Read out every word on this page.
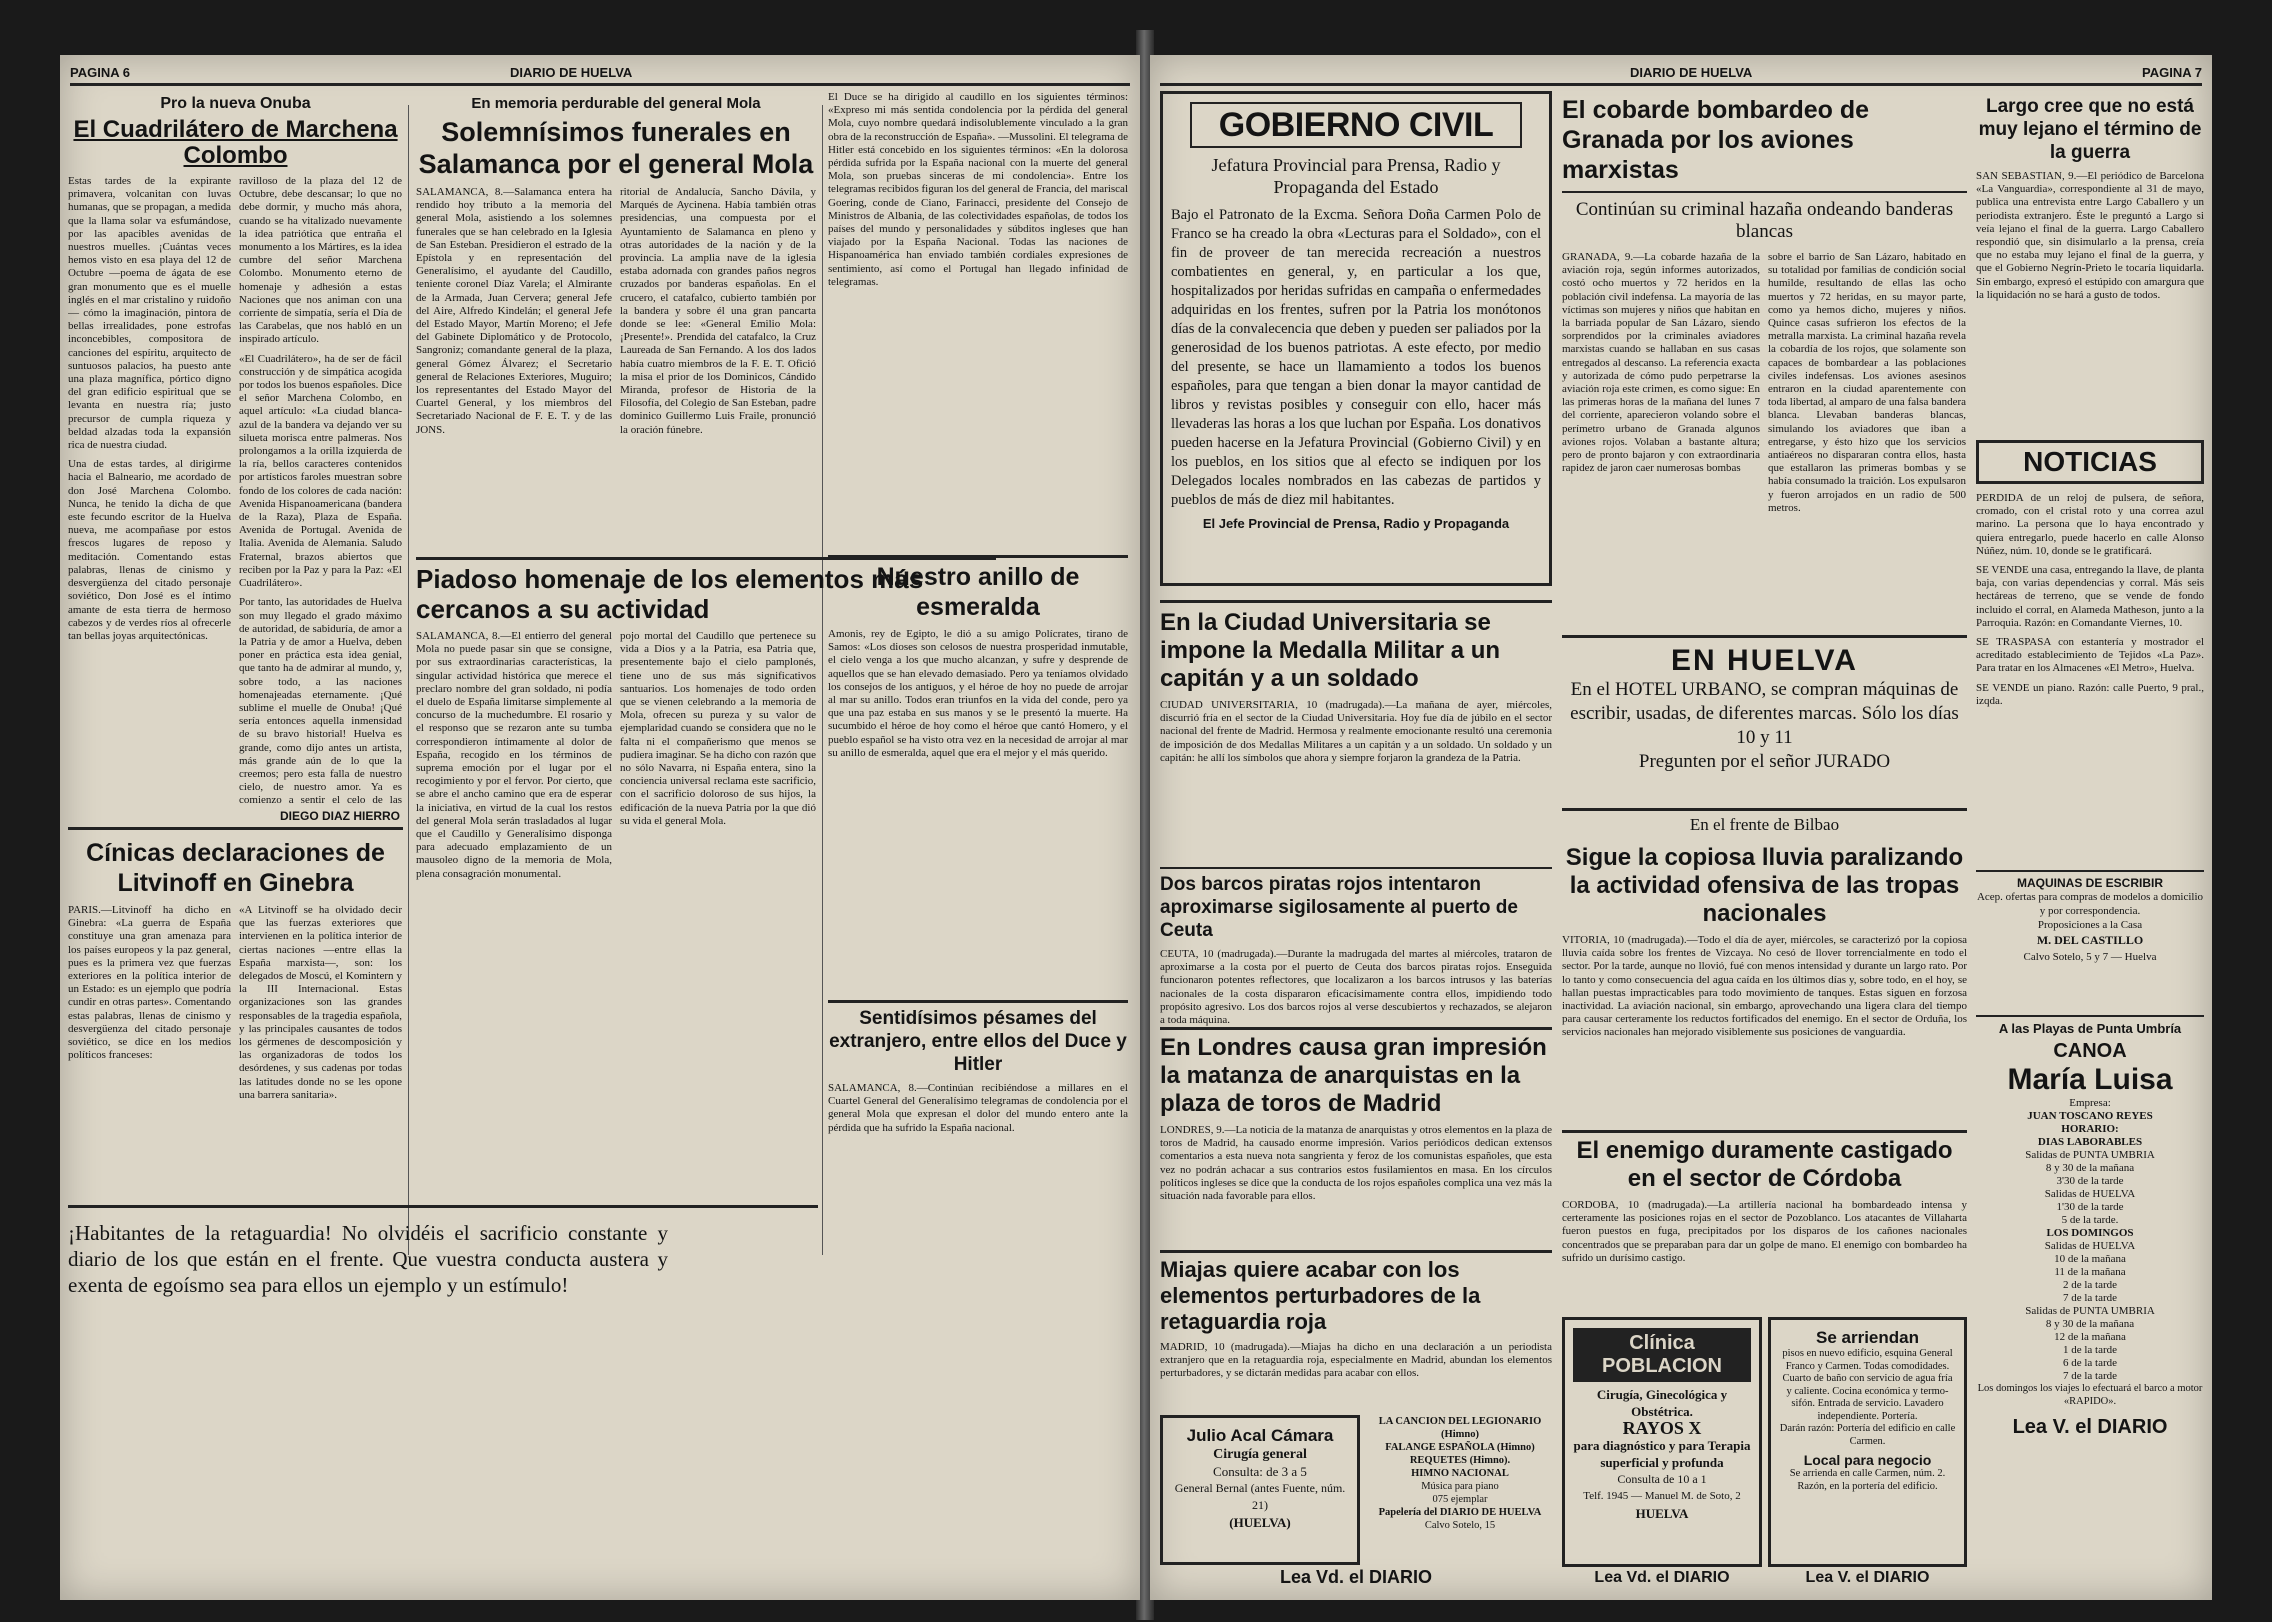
PAGINA 6	DIARIO DE HUELVA
Pro la nueva Onuba
El Cuadrilátero de Marchena Colombo

Estas tardes de la expirante primavera, volcanitan con luvas humanas, que se propagan, a medida que la llama solar va esfumándose, por las apacibles avenidas de nuestros muelles. ¡Cuántas veces hemos visto en esa playa del 12 de Octubre —poema de ágata de ese gran monumento que es el muelle inglés en el mar cristalino y ruidoño— cómo la imaginación, pintora de bellas irrealidades, pone estrofas inconcebibles, compositora de canciones del espíritu, arquitecto de suntuosos palacios, ha puesto ante una plaza magnífica, pórtico digno del gran edificio espiritual que se levanta en nuestra ría; justo precursor de cumpla riqueza y beldad alzadas toda la expansión rica de nuestra ciudad.

Una de estas tardes, al dirigirme hacia el Balneario, me acordado de don José Marchena Colombo. Nunca, he tenido la dicha de que este fecundo escritor de la Huelva nueva, me acompañase por estos frescos lugares de reposo y meditación. Comentando estas palabras, llenas de cinismo y desvergüenza del citado personaje soviético, Don José es el íntimo amante de esta tierra de hermoso cabezos y de verdes ríos al ofrecerle tan bellas joyas arquitectónicas.

ravilloso de la plaza del 12 de Octubre, debe descansar; lo que no debe dormir, y mucho más ahora, cuando se ha vitalizado nuevamente la idea patriótica que entraña el monumento a los Mártires, es la idea cumbre del señor Marchena Colombo. Monumento eterno de homenaje y adhesión a estas Naciones que nos animan con una corriente de simpatía, sería el Día de las Carabelas, que nos habló en un inspirado artículo.

«El Cuadrilátero», ha de ser de fácil construcción y de simpática acogida por todos los buenos españoles. Dice el señor Marchena Colombo, en aquel artículo: «La ciudad blanca-azul de la bandera va dejando ver su silueta morisca entre palmeras. Nos prolongamos a la orilla izquierda de la ría, bellos caracteres contenidos por artísticos faroles muestran sobre fondo de los colores de cada nación: Avenida Hispanoamericana (bandera de la Raza), Plaza de España. Avenida de Portugal. Avenida de Italia. Avenida de Alemania. Saludo Fraternal, brazos abiertos que reciben por la Paz y para la Paz: «El Cuadrilátero».

Por tanto, las autoridades de Huelva son muy llegado el grado máximo de autoridad, de sabiduría, de amor a la Patria y de amor a Huelva, deben poner en práctica esta idea genial, que tanto ha de admirar al mundo, y, sobre todo, a las naciones homenajeadas eternamente. ¡Qué sublime el muelle de Onuba! ¡Qué sería entonces aquella inmensidad de su bravo historial! Huelva es grande, como dijo antes un artista, más grande aún de lo que la creemos; pero esta falla de nuestro cielo, de nuestro amor. Ya es comienzo a sentir el celo de las

DIEGO DIAZ HIERRO
Cínicas declaraciones de Litvinoff en Ginebra

PARIS.—Litvinoff ha dicho en Ginebra: «La guerra de España constituye una gran amenaza para los países europeos y la paz general, pues es la primera vez que fuerzas exteriores en la política interior de un Estado: es un ejemplo que podría cundir en otras partes». Comentando estas palabras, llenas de cinismo y desvergüenza del citado personaje soviético, se dice en los medios políticos franceses:

«A Litvinoff se ha olvidado decir que las fuerzas exteriores que intervienen en la política interior de ciertas naciones —entre ellas la España marxista—, son: los delegados de Moscú, el Komintern y la III Internacional. Estas organizaciones son las grandes responsables de la tragedia española, y las principales causantes de todos los gérmenes de descomposición y las organizadoras de todos los desórdenes, y sus cadenas por todas las latitudes donde no se les opone una barrera sanitaria».

En memoria perdurable del general Mola
Solemnísimos funerales en Salamanca por el general Mola

SALAMANCA, 8.—Salamanca entera ha rendido hoy tributo a la memoria del general Mola, asistiendo a los solemnes funerales que se han celebrado en la Iglesia de San Esteban. Presidieron el estrado de la Epístola y en representación del Generalísimo, el ayudante del Caudillo, teniente coronel Díaz Varela; el Almirante de la Armada, Juan Cervera; general Jefe del Aire, Alfredo Kindelán; el general Jefe del Estado Mayor, Martín Moreno; el Jefe del Gabinete Diplomático y de Protocolo, Sangroniz; comandante general de la plaza, general Gómez Álvarez; el Secretario general de Relaciones Exteriores, Muguiro; los representantes del Estado Mayor del Cuartel General, y los miembros del Secretariado Nacional de F. E. T. y de las JONS.

ritorial de Andalucía, Sancho Dávila, y Marqués de Aycinena. Había también otras presidencias, una compuesta por el Ayuntamiento de Salamanca en pleno y otras autoridades de la nación y de la provincia. La amplia nave de la iglesia estaba adornada con grandes paños negros cruzados por banderas españolas. En el crucero, el catafalco, cubierto también por la bandera y sobre él una gran pancarta donde se lee: «General Emilio Mola: ¡Presente!». Prendida del catafalco, la Cruz Laureada de San Fernando. A los dos lados había cuatro miembros de la F. E. T. Ofició la misa el prior de los Dominicos, Cándido Miranda, profesor de Historia de la Filosofía, del Colegio de San Esteban, padre dominico Guillermo Luis Fraile, pronunció la oración fúnebre.

El Duce se ha dirigido al caudillo en los siguientes términos: «Expreso mi más sentida condolencia por la pérdida del general Mola, cuyo nombre quedará indisolublemente vinculado a la gran obra de la reconstrucción de España». —Mussolini. El telegrama de Hitler está concebido en los siguientes términos: «En la dolorosa pérdida sufrida por la España nacional con la muerte del general Mola, son pruebas sinceras de mi condolencia». Entre los telegramas recibidos figuran los del general de Francia, del mariscal Goering, conde de Ciano, Farinacci, presidente del Consejo de Ministros de Albania, de las colectividades españolas, de todos los países del mundo y personalidades y súbditos ingleses que han viajado por la España Nacional. Todas las naciones de Hispanoamérica han enviado también cordiales expresiones de sentimiento, así como el Portugal han llegado infinidad de telegramas.

Piadoso homenaje de los elementos más cercanos a su actividad

SALAMANCA, 8.—El entierro del general Mola no puede pasar sin que se consigne, por sus extraordinarias características, la singular actividad histórica que merece el preclaro nombre del gran soldado, ni podía el duelo de España limitarse simplemente al concurso de la muchedumbre. El rosario y el responso que se rezaron ante su tumba correspondieron íntimamente al dolor de España, recogido en los términos de suprema emoción por el lugar por el recogimiento y por el fervor. Por cierto, que se abre el ancho camino que era de esperar la iniciativa, en virtud de la cual los restos del general Mola serán trasladados al lugar que el Caudillo y Generalísimo disponga para adecuado emplazamiento de un mausoleo digno de la memoria de Mola, plena consagración monumental.

pojo mortal del Caudillo que pertenece su vida a Dios y a la Patria, esa Patria que, presentemente bajo el cielo pamplonés, tiene uno de sus más significativos santuarios. Los homenajes de todo orden que se vienen celebrando a la memoria de Mola, ofrecen su pureza y su valor de ejemplaridad cuando se considera que no le falta ni el compañerismo que menos se pudiera imaginar. Se ha dicho con razón que no sólo Navarra, ni España entera, sino la conciencia universal reclama este sacrificio, con el sacrificio doloroso de sus hijos, la edificación de la nueva Patria por la que dió su vida el general Mola.

Nuestro anillo de esmeralda

Amonis, rey de Egipto, le dió a su amigo Polícrates, tirano de Samos: «Los dioses son celosos de nuestra prosperidad inmutable, el cielo venga a los que mucho alcanzan, y sufre y desprende de aquellos que se han elevado demasiado. Pero ya teníamos olvidado los consejos de los antiguos, y el héroe de hoy no puede de arrojar al mar su anillo. Todos eran triunfos en la vida del conde, pero ya que una paz estaba en sus manos y se le presentó la muerte. Ha sucumbido el héroe de hoy como el héroe que cantó Homero, y el pueblo español se ha visto otra vez en la necesidad de arrojar al mar su anillo de esmeralda, aquel que era el mejor y el más querido.

Sentidísimos pésames del extranjero, entre ellos del Duce y Hitler

SALAMANCA, 8.—Continúan recibiéndose a millares en el Cuartel General del Generalísimo telegramas de condolencia por el general Mola que expresan el dolor del mundo entero ante la pérdida que ha sufrido la España nacional.

¡Habitantes de la retaguardia! No olvidéis el sacrificio constante y diario de los que están en el frente. Que vuestra conducta austera y exenta de egoísmo sea para ellos un ejemplo y un estímulo!

DIARIO DE HUELVA	PAGINA 7
GOBIERNO CIVIL
Jefatura Provincial para Prensa, Radio y Propaganda del Estado

Bajo el Patronato de la Excma. Señora Doña Carmen Polo de Franco se ha creado la obra «Lecturas para el Soldado», con el fin de proveer de tan merecida recreación a nuestros combatientes en general, y, en particular a los que, hospitalizados por heridas sufridas en campaña o enfermedades adquiridas en los frentes, sufren por la Patria los monótonos días de la convalecencia que deben y pueden ser paliados por la generosidad de los buenos patriotas. A este efecto, por medio del presente, se hace un llamamiento a todos los buenos españoles, para que tengan a bien donar la mayor cantidad de libros y revistas posibles y conseguir con ello, hacer más llevaderas las horas a los que luchan por España. Los donativos pueden hacerse en la Jefatura Provincial (Gobierno Civil) y en los pueblos, en los sitios que al efecto se indiquen por los Delegados locales nombrados en las cabezas de partidos y pueblos de más de diez mil habitantes.

El Jefe Provincial de Prensa, Radio y Propaganda
El cobarde bombardeo de Granada por los aviones marxistas
Continúan su criminal hazaña ondeando banderas blancas

GRANADA, 9.—La cobarde hazaña de la aviación roja, según informes autorizados, costó ocho muertos y 72 heridos en la población civil indefensa. La mayoría de las víctimas son mujeres y niños que habitan en la barriada popular de San Lázaro, siendo sorprendidos por la criminales aviadores marxistas cuando se hallaban en sus casas entregados al descanso. La referencia exacta y autorizada de cómo pudo perpetrarse la aviación roja este crimen, es como sigue: En las primeras horas de la mañana del lunes 7 del corriente, aparecieron volando sobre el perímetro urbano de Granada algunos aviones rojos. Volaban a bastante altura; pero de pronto bajaron y con extraordinaria rapidez de jaron caer numerosas bombas

sobre el barrio de San Lázaro, habitado en su totalidad por familias de condición social humilde, resultando de ellas las ocho muertos y 72 heridas, en su mayor parte, como ya hemos dicho, mujeres y niños. Quince casas sufrieron los efectos de la metralla marxista. La criminal hazaña revela la cobardía de los rojos, que solamente son capaces de bombardear a las poblaciones civiles indefensas. Los aviones asesinos entraron en la ciudad aparentemente con toda libertad, al amparo de una falsa bandera blanca. Llevaban banderas blancas, simulando los aviadores que iban a entregarse, y ésto hizo que los servicios antiaéreos no dispararan contra ellos, hasta que estallaron las primeras bombas y se había consumado la traición. Los expulsaron y fueron arrojados en un radio de 500 metros.

Largo cree que no está muy lejano el término de la guerra

SAN SEBASTIAN, 9.—El periódico de Barcelona «La Vanguardia», correspondiente al 31 de mayo, publica una entrevista entre Largo Caballero y un periodista extranjero. Éste le preguntó a Largo si veía lejano el final de la guerra. Largo Caballero respondió que, sin disimularlo a la prensa, creía que no estaba muy lejano el final de la guerra, y que el Gobierno Negrín-Prieto le tocaría liquidarla. Sin embargo, expresó el estúpido con amargura que la liquidación no se hará a gusto de todos.

NOTICIAS

PERDIDA de un reloj de pulsera, de señora, cromado, con el cristal roto y una correa azul marino. La persona que lo haya encontrado y quiera entregarlo, puede hacerlo en calle Alonso Núñez, núm. 10, donde se le gratificará.

SE VENDE una casa, entregando la llave, de planta baja, con varias dependencias y corral. Más seis hectáreas de terreno, que se vende de fondo incluido el corral, en Alameda Matheson, junto a la Parroquia. Razón: en Comandante Viernes, 10.

SE TRASPASA con estantería y mostrador el acreditado establecimiento de Tejidos «La Paz». Para tratar en los Almacenes «El Metro», Huelva.

SE VENDE un piano. Razón: calle Puerto, 9 pral., izqda.

MAQUINAS DE ESCRIBIR

Acep. ofertas para compras de modelos a domicilio y por correspondencia.

Proposiciones a la Casa

M. DEL CASTILLO

Calvo Sotelo, 5 y 7 — Huelva

A las Playas de Punta Umbría
CANOA
María Luisa

Empresa:

JUAN TOSCANO REYES

HORARIO:

DIAS LABORABLES

Salidas de PUNTA UMBRIA

8 y 30 de la mañana

3'30 de la tarde

Salidas de HUELVA

1'30 de la tarde

5 de la tarde.

LOS DOMINGOS

Salidas de HUELVA

10 de la mañana

11 de la mañana

2 de la tarde

7 de la tarde

Salidas de PUNTA UMBRIA

8 y 30 de la mañana

12 de la mañana

1 de la tarde

6 de la tarde

7 de la tarde

Los domingos los viajes lo efectuará el barco a motor «RAPIDO».

Lea V. el DIARIO
En la Ciudad Universitaria se impone la Medalla Militar a un capitán y a un soldado

CIUDAD UNIVERSITARIA, 10 (madrugada).—La mañana de ayer, miércoles, discurrió fría en el sector de la Ciudad Universitaria. Hoy fue día de júbilo en el sector nacional del frente de Madrid. Hermosa y realmente emocionante resultó una ceremonia de imposición de dos Medallas Militares a un capitán y a un soldado. Un soldado y un capitán: he allí los símbolos que ahora y siempre forjaron la grandeza de la Patria.

Dos barcos piratas rojos intentaron aproximarse sigilosamente al puerto de Ceuta

CEUTA, 10 (madrugada).—Durante la madrugada del martes al miércoles, trataron de aproximarse a la costa por el puerto de Ceuta dos barcos piratas rojos. Enseguida funcionaron potentes reflectores, que localizaron a los barcos intrusos y las baterías nacionales de la costa dispararon eficacísimamente contra ellos, impidiendo todo propósito agresivo. Los dos barcos rojos al verse descubiertos y rechazados, se alejaron a toda máquina.

En Londres causa gran impresión la matanza de anarquistas en la plaza de toros de Madrid

LONDRES, 9.—La noticia de la matanza de anarquistas y otros elementos en la plaza de toros de Madrid, ha causado enorme impresión. Varios periódicos dedican extensos comentarios a esta nueva nota sangrienta y feroz de los comunistas españoles, que esta vez no podrán achacar a sus contrarios estos fusilamientos en masa. En los círculos políticos ingleses se dice que la conducta de los rojos españoles complica una vez más la situación nada favorable para ellos.

Miajas quiere acabar con los elementos perturbadores de la retaguardia roja

MADRID, 10 (madrugada).—Miajas ha dicho en una declaración a un periodista extranjero que en la retaguardia roja, especialmente en Madrid, abundan los elementos perturbadores, y se dictarán medidas para acabar con ellos.

EN HUELVA

En el HOTEL URBANO, se compran máquinas de escribir, usadas, de diferentes marcas. Sólo los días 10 y 11

Pregunten por el señor JURADO

En el frente de Bilbao
Sigue la copiosa lluvia paralizando la actividad ofensiva de las tropas nacionales

VITORIA, 10 (madrugada).—Todo el día de ayer, miércoles, se caracterizó por la copiosa lluvia caída sobre los frentes de Vizcaya. No cesó de llover torrencialmente en todo el sector. Por la tarde, aunque no llovió, fué con menos intensidad y durante un largo rato. Por lo tanto y como consecuencia del agua caída en los últimos días y, sobre todo, en el hoy, se hallan puestas impracticables para todo movimiento de tanques. Estas siguen en forzosa inactividad. La aviación nacional, sin embargo, aprovechando una ligera clara del tiempo para causar certeramente los reductos fortificados del enemigo. En el sector de Orduña, los servicios nacionales han mejorado visiblemente sus posiciones de vanguardia.

El enemigo duramente castigado en el sector de Córdoba

CORDOBA, 10 (madrugada).—La artillería nacional ha bombardeado intensa y certeramente las posiciones rojas en el sector de Pozoblanco. Los atacantes de Villaharta fueron puestos en fuga, precipitados por los disparos de los cañones nacionales concentrados que se preparaban para dar un golpe de mano. El enemigo con bombardeo ha sufrido un durísimo castigo.

Julio Acal Cámara

Cirugía general

Consulta: de 3 a 5

General Bernal (antes Fuente, núm. 21)

(HUELVA)

LA CANCION DEL LEGIONARIO (Himno)

FALANGE ESPAÑOLA (Himno)

REQUETES (Himno).

HIMNO NACIONAL

Música para piano

075 ejemplar

Papelería del DIARIO DE HUELVA

Calvo Sotelo, 15

Lea Vd. el DIARIO
Clínica POBLACION

Cirugía, Ginecológica y Obstétrica.

RAYOS X

para diagnóstico y para Terapia superficial y profunda

Consulta de 10 a 1

Telf. 1945 — Manuel M. de Soto, 2

HUELVA

Se arriendan

pisos en nuevo edificio, esquina General Franco y Carmen. Todas comodidades. Cuarto de baño con servicio de agua fría y caliente. Cocina económica y termo-sifón. Entrada de servicio. Lavadero independiente. Portería.

Darán razón: Portería del edificio en calle Carmen.

Local para negocio

Se arrienda en calle Carmen, núm. 2. Razón, en la portería del edificio.

Lea Vd. el DIARIO	Lea V. el DIARIO
